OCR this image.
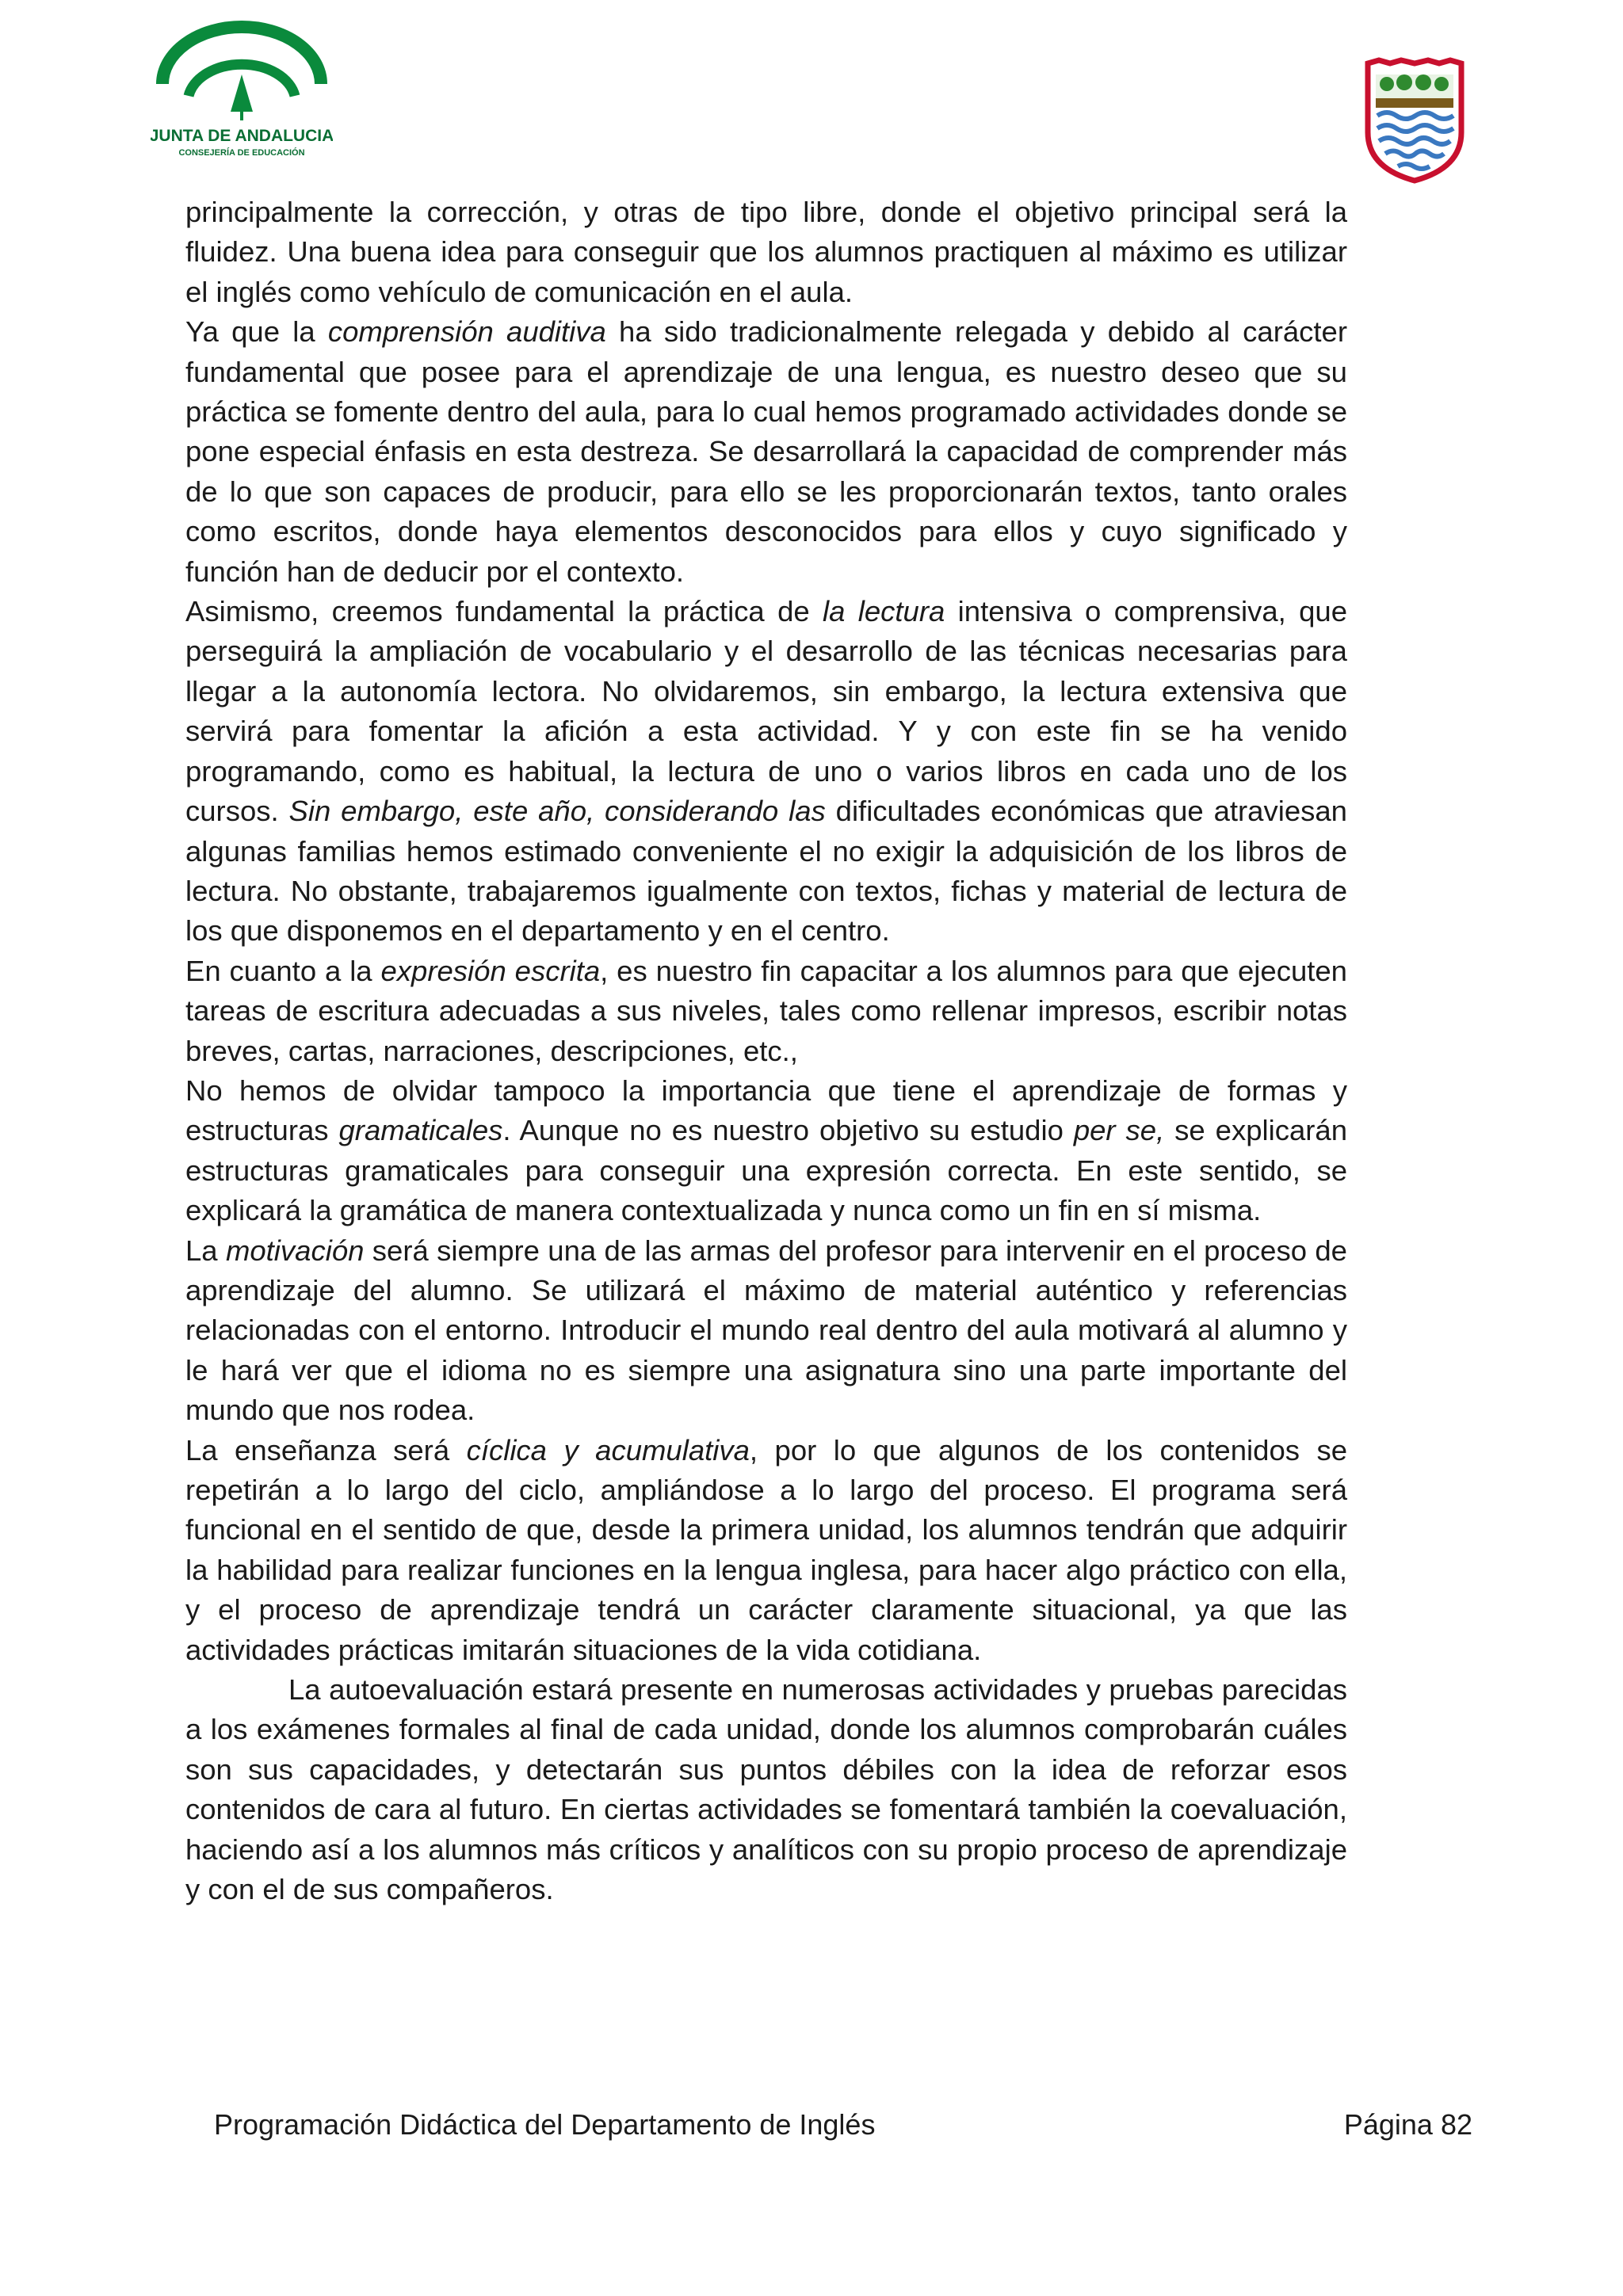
JUNTA DE ANDALUCIA
CONSEJERÍA DE EDUCACIÓN

principalmente la corrección, y otras de tipo libre, donde el objetivo principal será la fluidez. Una buena idea para conseguir que los alumnos practiquen al máximo es utilizar el inglés como vehículo de comunicación en el aula.

Ya que la comprensión auditiva ha sido tradicionalmente relegada y debido al carácter fundamental que posee para el aprendizaje de una lengua, es nuestro deseo que su práctica se fomente dentro del aula, para lo cual hemos programado actividades donde se pone especial énfasis en esta destreza. Se desarrollará la capacidad de comprender más de lo que son capaces de producir, para ello se les proporcionarán textos, tanto orales como escritos, donde haya elementos desconocidos para ellos y cuyo significado y función han de deducir por el contexto.

Asimismo, creemos fundamental la práctica de la lectura intensiva o comprensiva, que perseguirá la ampliación de vocabulario y el desarrollo de las técnicas necesarias para llegar a la autonomía lectora. No olvidaremos, sin embargo, la lectura extensiva que servirá para fomentar la afición a esta actividad. Y y con este fin se ha venido programando, como es habitual, la lectura de uno o varios libros en cada uno de los cursos. Sin embargo, este año, considerando las dificultades económicas que atraviesan algunas familias hemos estimado conveniente el no exigir la adquisición de los libros de lectura. No obstante, trabajaremos igualmente con textos, fichas y material de lectura de los que disponemos en el departamento y en el centro.

En cuanto a la expresión escrita, es nuestro fin capacitar a los alumnos para que ejecuten tareas de escritura adecuadas a sus niveles, tales como rellenar impresos, escribir notas breves, cartas, narraciones, descripciones, etc.,

No hemos de olvidar tampoco la importancia que tiene el aprendizaje de formas y estructuras gramaticales. Aunque no es nuestro objetivo su estudio per se, se explicarán estructuras gramaticales para conseguir una expresión correcta. En este sentido, se explicará la gramática de manera contextualizada y nunca como un fin en sí misma.

La motivación será siempre una de las armas del profesor para intervenir en el proceso de aprendizaje del alumno. Se utilizará el máximo de material auténtico y referencias relacionadas con el entorno. Introducir el mundo real dentro del aula motivará al alumno y le hará ver que el idioma no es siempre una asignatura sino una parte importante del mundo que nos rodea.

La enseñanza será cíclica y acumulativa, por lo que algunos de los contenidos se repetirán a lo largo del ciclo, ampliándose a lo largo del proceso. El programa será funcional en el sentido de que, desde la primera unidad, los alumnos tendrán que adquirir la habilidad para realizar funciones en la lengua inglesa, para hacer algo práctico con ella, y el proceso de aprendizaje tendrá un carácter claramente situacional, ya que las actividades prácticas imitarán situaciones de la vida cotidiana.

La autoevaluación estará presente en numerosas actividades y pruebas parecidas a los exámenes formales al final de cada unidad, donde los alumnos comprobarán cuáles son sus capacidades, y detectarán sus puntos débiles con la idea de reforzar esos contenidos de cara al futuro. En ciertas actividades se fomentará también la coevaluación, haciendo así a los alumnos más críticos y analíticos con su propio proceso de aprendizaje y con el de sus compañeros.

Programación Didáctica del Departamento de Inglés	Página 82
